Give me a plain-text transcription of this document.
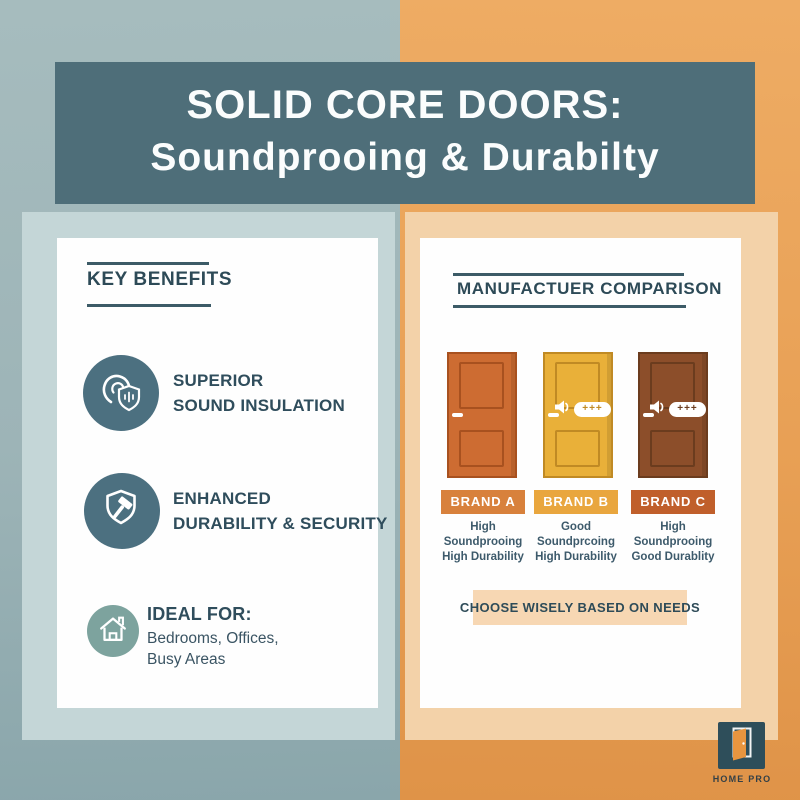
SOLID CORE DOORS:
Soundprooing & Durabilty
KEY BENEFITS
SUPERIOR
SOUND INSULATION
ENHANCED
DURABILITY & SECURITY
IDEAL FOR:
Bedrooms, Offices,
Busy Areas
MANUFACTUER COMPARISON
+++	+++
BRAND A
High Soundprooing
High Durability
BRAND B
Good Soundprcoing
High Durability
BRAND C
High Soundprooing
Good Durablity
CHOOSE WISELY BASED ON NEEDS
HOME PRO
